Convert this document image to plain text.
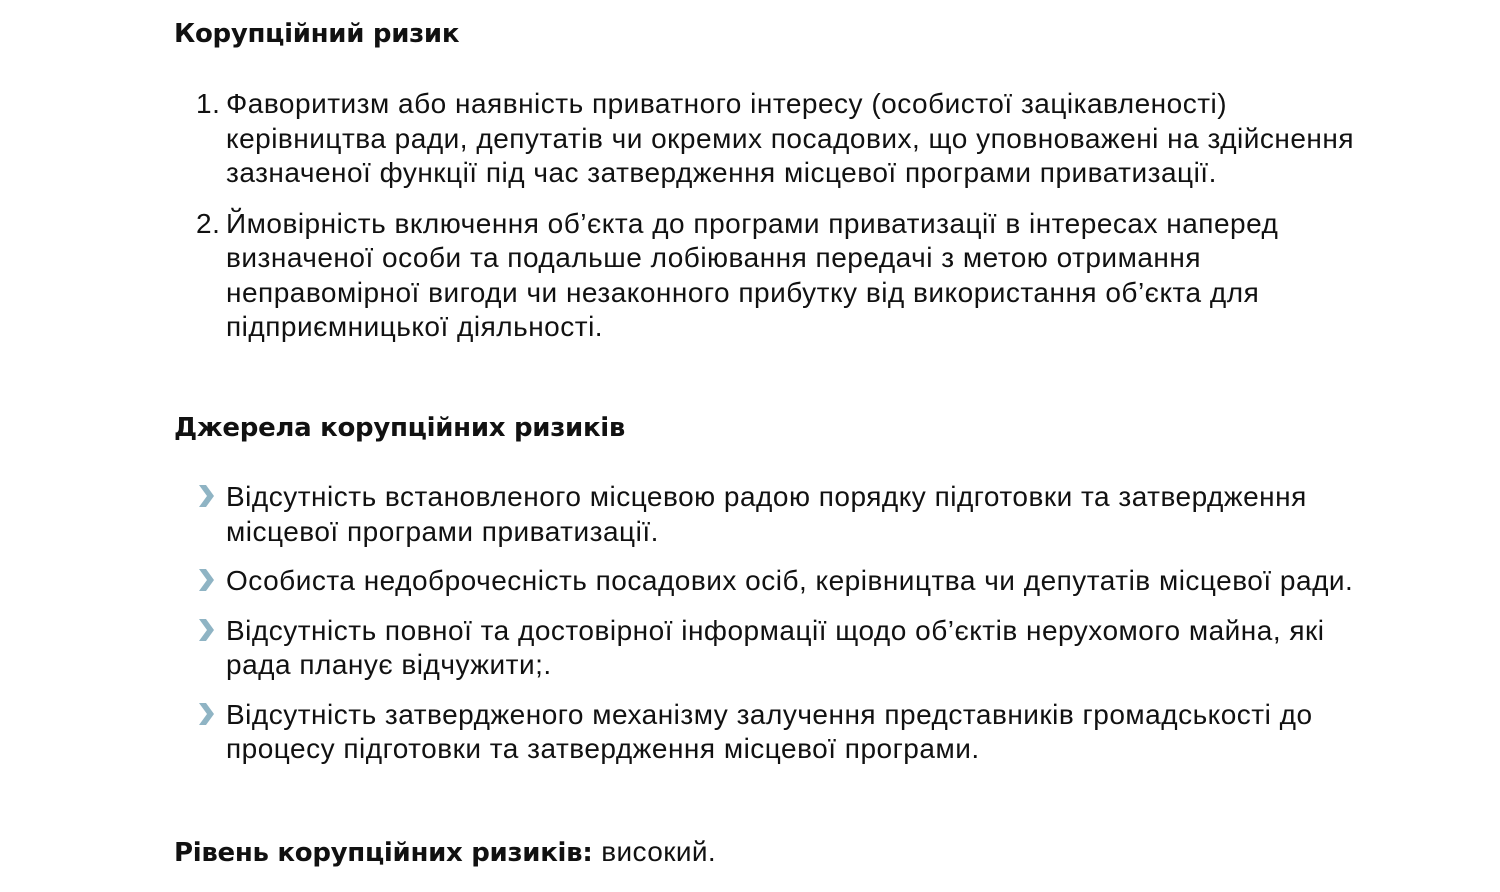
Корупційний ризик
1. Фаворитизм або наявність приватного інтересу (особистої зацікавленості) керівництва ради, депутатів чи окремих посадових, що уповноважені на здійснення зазначеної функції під час затвердження місцевої програми приватизації.
2. Ймовірність включення об’єкта до програми приватизації в інтересах наперед визначеної особи та подальше лобіювання передачі з метою отримання неправомірної вигоди чи незаконного прибутку від використання об’єкта для підприємницької діяльності.
Джерела корупційних ризиків
Відсутність встановленого місцевою радою порядку підготовки та затвердження місцевої програми приватизації.
Особиста недоброчесність посадових осіб, керівництва чи депутатів місцевої ради.
Відсутність повної та достовірної інформації щодо об’єктів нерухомого майна, які рада планує відчужити;.
Відсутність затвердженого механізму залучення представників громадськості до процесу підготовки та затвердження місцевої програми.

Рівень корупційних ризиків: високий.
